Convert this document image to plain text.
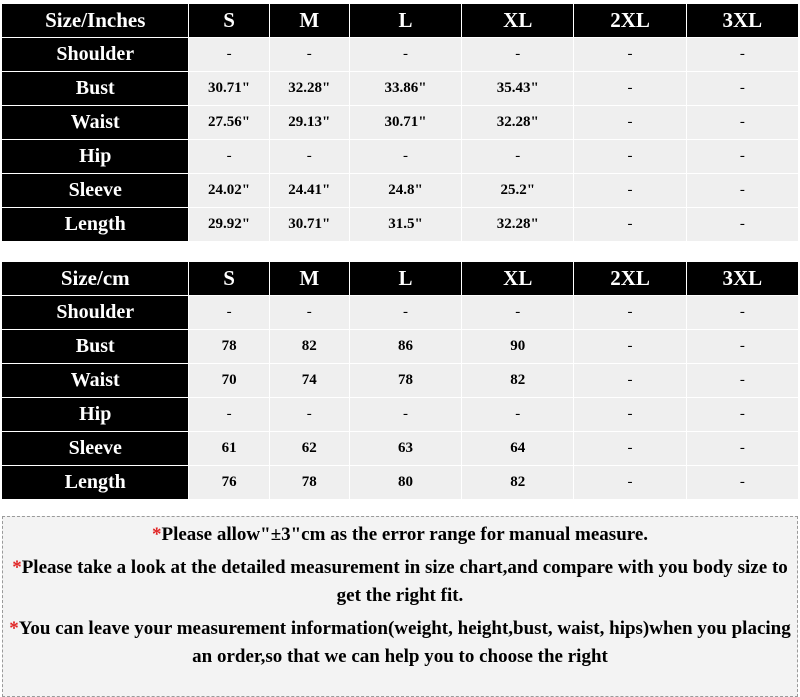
Size/Inches	S	M	L	XL	2XL	3XL
Shoulder	-	-	-	-	-	-
Bust	30.71"	32.28"	33.86"	35.43"	-	-
Waist	27.56"	29.13"	30.71"	32.28"	-	-
Hip	-	-	-	-	-	-
Sleeve	24.02"	24.41"	24.8"	25.2"	-	-
Length	29.92"	30.71"	31.5"	32.28"	-	-
Size/cm	S	M	L	XL	2XL	3XL
Shoulder	-	-	-	-	-	-
Bust	78	82	86	90	-	-
Waist	70	74	78	82	-	-
Hip	-	-	-	-	-	-
Sleeve	61	62	63	64	-	-
Length	76	78	80	82	-	-

*Please allow"±3"cm as the error range for manual measure.

*Please take a look at the detailed measurement in size chart,and compare with you body size to get the right fit.

*You can leave your measurement information(weight, height,bust, waist, hips)when you placing an order,so that we can help you to choose the right
